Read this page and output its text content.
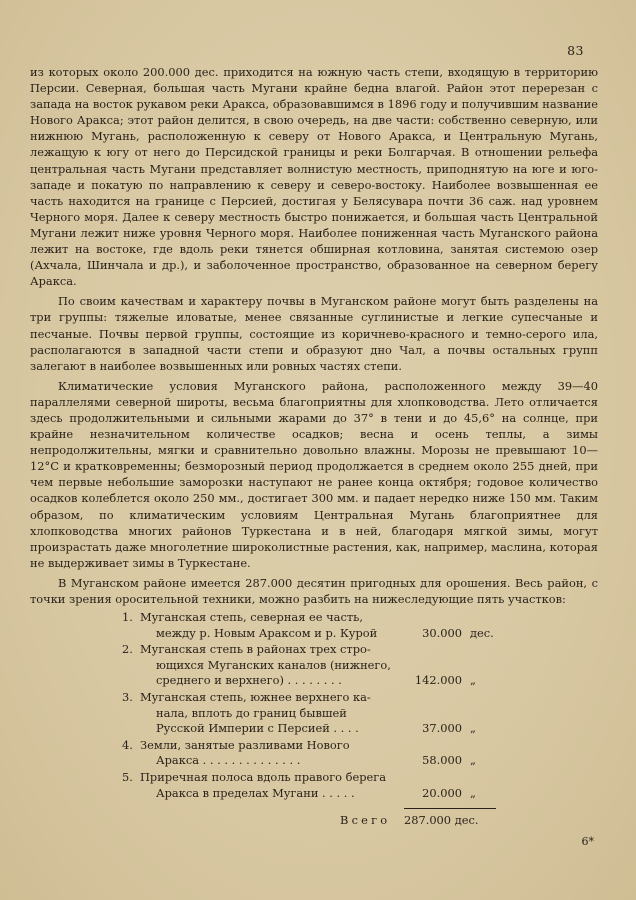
83

из которых около 200.000 дес. приходится на южную часть степи, входящую в территорию Персии. Северная, большая часть Мугани крайне бедна влагой. Район этот перерезан с запада на восток рукавом реки Аракса, образовавшимся в 1896 году и получившим название Нового Аракса; этот район делится, в свою очередь, на две части: собственно северную, или нижнюю Мугань, расположенную к северу от Нового Аракса, и Центральную Мугань, лежащую к югу от него до Персидской границы и реки Болгарчая. В отношении рельефа центральная часть Мугани представляет волнистую местность, приподнятую на юге и юго-западе и покатую по направлению к северу и северо-востоку. Наиболее возвышенная ее часть находится на границе с Персией, достигая у Белясувара почти 36 саж. над уровнем Черного моря. Далее к северу местность быстро понижается, и большая часть Центральной Мугани лежит ниже уровня Черного моря. Наиболее пониженная часть Муганского района лежит на востоке, где вдоль реки тянется обширная котловина, занятая системою озер (Ахчала, Шинчала и др.), и заболоченное пространство, образованное на северном берегу Аракса.

По своим качествам и характеру почвы в Муганском районе могут быть разделены на три группы: тяжелые иловатые, менее связанные суглинистые и легкие супесчаные и песчаные. Почвы первой группы, состоящие из коричнево-красного и темно-серого ила, располагаются в западной части степи и образуют дно Чал, а почвы остальных групп залегают в наиболее возвышенных или ровных частях степи.

Климатические условия Муганского района, расположенного между 39—40 параллелями северной широты, весьма благоприятны для хлопководства. Лето отличается здесь продолжительными и сильными жарами до 37° в тени и до 45,6° на солнце, при крайне незначительном количестве осадков; весна и осень теплы, а зимы непродолжительны, мягки и сравнительно довольно влажны. Морозы не превышают 10—12°С и кратковременны; безморозный период продолжается в среднем около 255 дней, при чем первые небольшие заморозки наступают не ранее конца октября; годовое количество осадков колеблется около 250 мм., достигает 300 мм. и падает нередко ниже 150 мм. Таким образом, по климатическим условиям Центральная Мугань благоприятнее для хлопководства многих районов Туркестана и в ней, благодаря мягкой зимы, могут произрастать даже многолетние широколистные растения, как, например, маслина, которая не выдерживает зимы в Туркестане.

В Муганском районе имеется 287.000 десятин пригодных для орошения. Весь район, с точки зрения оросительной техники, можно разбить на нижеследующие пять участков:

1. Муганская степь, северная ее часть,
между р. Новым Араксом и р. Курой	30.000 дес.
2. Муганская степь в районах трех стро-
ющихся Муганских каналов (нижнего,
среднего и верхнего) . . . . . . . .	142.000 „
3. Муганская степь, южнее верхнего ка-
нала, вплоть до границ бывшей
Русской Империи с Персией . . . .	37.000 „
4. Земли, занятые разливами Нового
Аракса . . . . . . . . . . . . . .	58.000 „
5. Приречная полоса вдоль правого берега
Аракса в пределах Мугани . . . . .	20.000 „
Всего 287.000 дес.
6*
